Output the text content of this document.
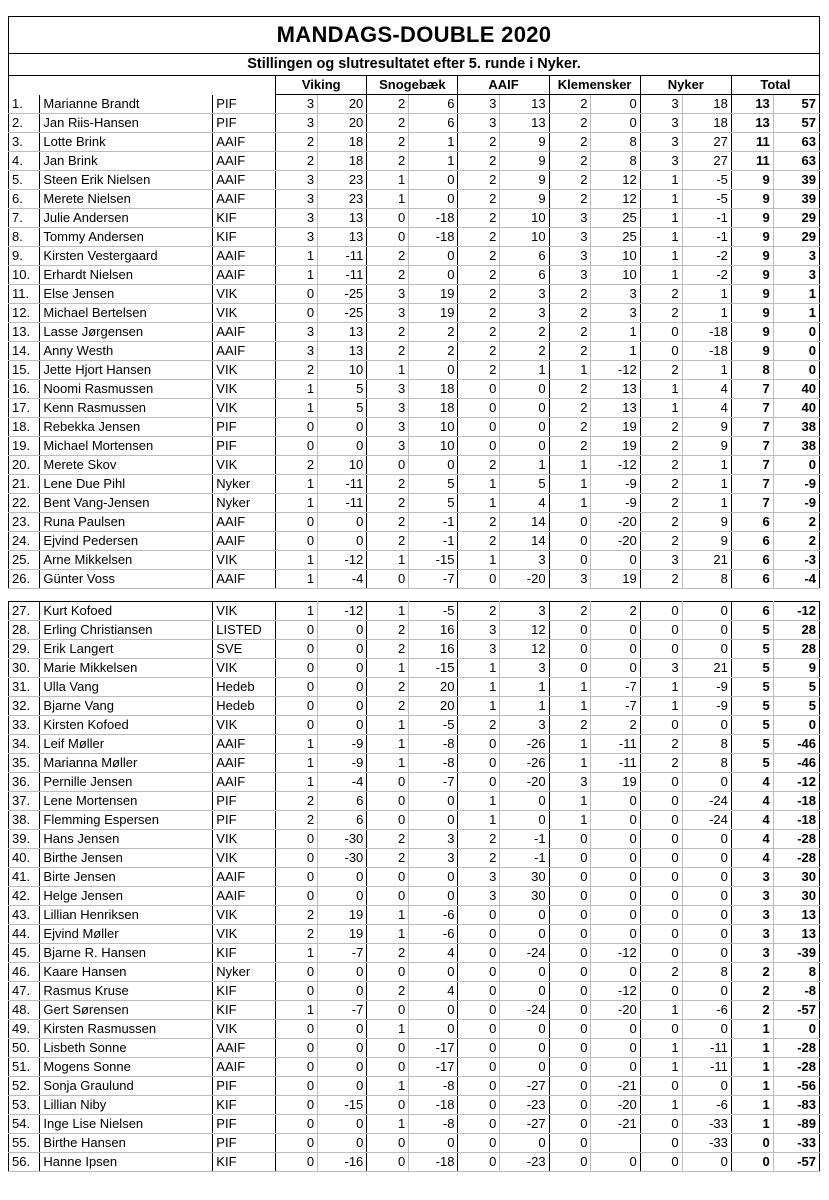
MANDAGS-DOUBLE 2020
Stillingen og slutresultatet efter 5. runde i Nyker.
			Viking		Snogebæk		AAIF		Klemensker		Nyker		Total	
1.	Marianne Brandt	PIF	3	20	2	6	3	13	2	0	3	18	13	57
2.	Jan Riis-Hansen	PIF	3	20	2	6	3	13	2	0	3	18	13	57
3.	Lotte Brink	AAIF	2	18	2	1	2	9	2	8	3	27	11	63
4.	Jan Brink	AAIF	2	18	2	1	2	9	2	8	3	27	11	63
5.	Steen Erik Nielsen	AAIF	3	23	1	0	2	9	2	12	1	-5	9	39
6.	Merete Nielsen	AAIF	3	23	1	0	2	9	2	12	1	-5	9	39
7.	Julie Andersen	KIF	3	13	0	-18	2	10	3	25	1	-1	9	29
8.	Tommy Andersen	KIF	3	13	0	-18	2	10	3	25	1	-1	9	29
9.	Kirsten Vestergaard	AAIF	1	-11	2	0	2	6	3	10	1	-2	9	3
10.	Erhardt Nielsen	AAIF	1	-11	2	0	2	6	3	10	1	-2	9	3
11.	Else Jensen	VIK	0	-25	3	19	2	3	2	3	2	1	9	1
12.	Michael Bertelsen	VIK	0	-25	3	19	2	3	2	3	2	1	9	1
13.	Lasse Jørgensen	AAIF	3	13	2	2	2	2	2	1	0	-18	9	0
14.	Anny Westh	AAIF	3	13	2	2	2	2	2	1	0	-18	9	0
15.	Jette Hjort Hansen	VIK	2	10	1	0	2	1	1	-12	2	1	8	0
16.	Noomi Rasmussen	VIK	1	5	3	18	0	0	2	13	1	4	7	40
17.	Kenn Rasmussen	VIK	1	5	3	18	0	0	2	13	1	4	7	40
18.	Rebekka Jensen	PIF	0	0	3	10	0	0	2	19	2	9	7	38
19.	Michael Mortensen	PIF	0	0	3	10	0	0	2	19	2	9	7	38
20.	Merete Skov	VIK	2	10	0	0	2	1	1	-12	2	1	7	0
21.	Lene Due Pihl	Nyker	1	-11	2	5	1	5	1	-9	2	1	7	-9
22.	Bent Vang-Jensen	Nyker	1	-11	2	5	1	4	1	-9	2	1	7	-9
23.	Runa Paulsen	AAIF	0	0	2	-1	2	14	0	-20	2	9	6	2
24.	Ejvind Pedersen	AAIF	0	0	2	-1	2	14	0	-20	2	9	6	2
25.	Arne Mikkelsen	VIK	1	-12	1	-15	1	3	0	0	3	21	6	-3
26.	Günter Voss	AAIF	1	-4	0	-7	0	-20	3	19	2	8	6	-4
27.	Kurt Kofoed	VIK	1	-12	1	-5	2	3	2	2	0	0	6	-12
28.	Erling Christiansen	LISTED	0	0	2	16	3	12	0	0	0	0	5	28
29.	Erik Langert	SVE	0	0	2	16	3	12	0	0	0	0	5	28
30.	Marie Mikkelsen	VIK	0	0	1	-15	1	3	0	0	3	21	5	9
31.	Ulla Vang	Hedeb	0	0	2	20	1	1	1	-7	1	-9	5	5
32.	Bjarne Vang	Hedeb	0	0	2	20	1	1	1	-7	1	-9	5	5
33.	Kirsten Kofoed	VIK	0	0	1	-5	2	3	2	2	0	0	5	0
34.	Leif Møller	AAIF	1	-9	1	-8	0	-26	1	-11	2	8	5	-46
35.	Marianna Møller	AAIF	1	-9	1	-8	0	-26	1	-11	2	8	5	-46
36.	Pernille Jensen	AAIF	1	-4	0	-7	0	-20	3	19	0	0	4	-12
37.	Lene Mortensen	PIF	2	6	0	0	1	0	1	0	0	-24	4	-18
38.	Flemming Espersen	PIF	2	6	0	0	1	0	1	0	0	-24	4	-18
39.	Hans Jensen	VIK	0	-30	2	3	2	-1	0	0	0	0	4	-28
40.	Birthe Jensen	VIK	0	-30	2	3	2	-1	0	0	0	0	4	-28
41.	Birte Jensen	AAIF	0	0	0	0	3	30	0	0	0	0	3	30
42.	Helge Jensen	AAIF	0	0	0	0	3	30	0	0	0	0	3	30
43.	Lillian Henriksen	VIK	2	19	1	-6	0	0	0	0	0	0	3	13
44.	Ejvind Møller	VIK	2	19	1	-6	0	0	0	0	0	0	3	13
45.	Bjarne R. Hansen	KIF	1	-7	2	4	0	-24	0	-12	0	0	3	-39
46.	Kaare Hansen	Nyker	0	0	0	0	0	0	0	0	2	8	2	8
47.	Rasmus Kruse	KIF	0	0	2	4	0	0	0	-12	0	0	2	-8
48.	Gert Sørensen	KIF	1	-7	0	0	0	-24	0	-20	1	-6	2	-57
49.	Kirsten Rasmussen	VIK	0	0	1	0	0	0	0	0	0	0	1	0
50.	Lisbeth Sonne	AAIF	0	0	0	-17	0	0	0	0	1	-11	1	-28
51.	Mogens Sonne	AAIF	0	0	0	-17	0	0	0	0	1	-11	1	-28
52.	Sonja Graulund	PIF	0	0	1	-8	0	-27	0	-21	0	0	1	-56
53.	Lillian Niby	KIF	0	-15	0	-18	0	-23	0	-20	1	-6	1	-83
54.	Inge Lise Nielsen	PIF	0	0	1	-8	0	-27	0	-21	0	-33	1	-89
55.	Birthe Hansen	PIF	0	0	0	0	0	0	0		0	-33	0	-33
56.	Hanne Ipsen	KIF	0	-16	0	-18	0	-23	0	0	0	0	0	-57
